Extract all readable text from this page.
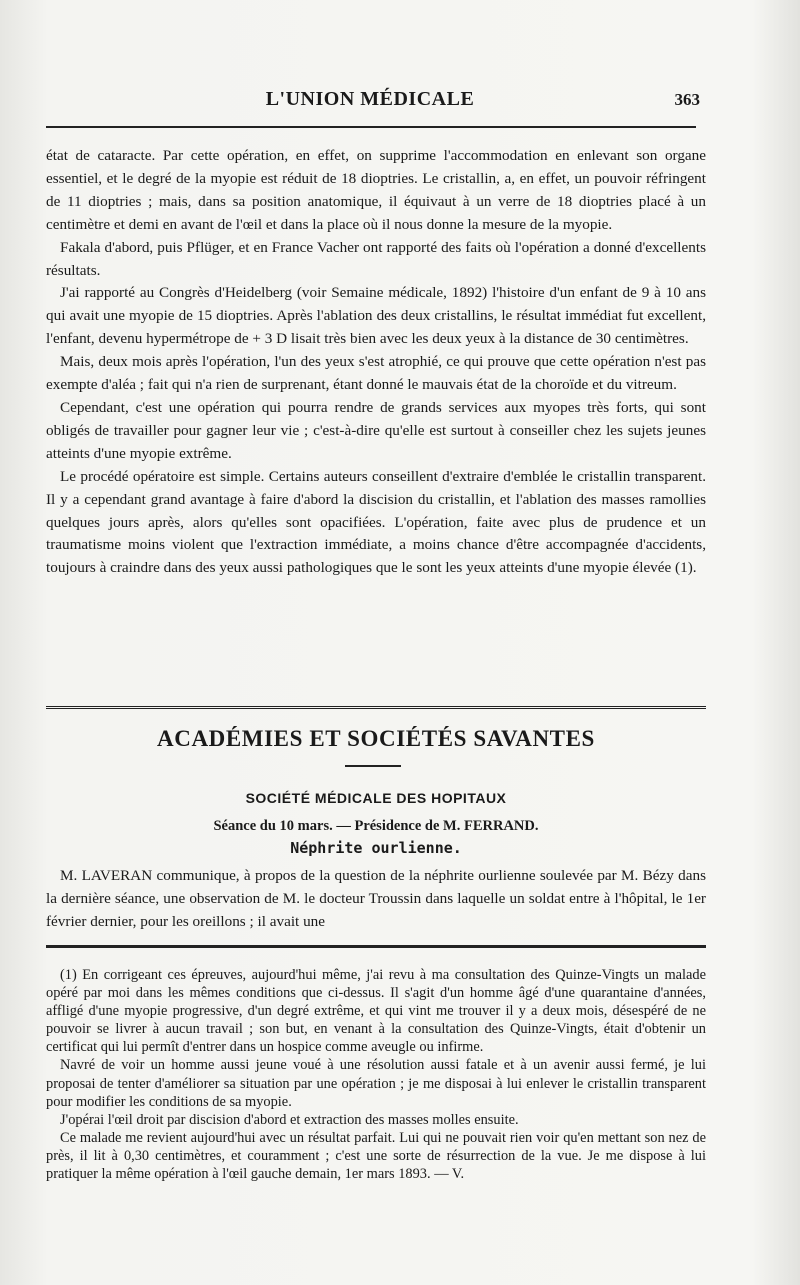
L'UNION MÉDICALE	363

état de cataracte. Par cette opération, en effet, on supprime l'accommodation en enlevant son organe essentiel, et le degré de la myopie est réduit de 18 dioptries. Le cristallin, a, en effet, un pouvoir réfringent de 11 dioptries ; mais, dans sa position anatomique, il équivaut à un verre de 18 dioptries placé à un centimètre et demi en avant de l'œil et dans la place où il nous donne la mesure de la myopie.

Fakala d'abord, puis Pflüger, et en France Vacher ont rapporté des faits où l'opération a donné d'excellents résultats.

J'ai rapporté au Congrès d'Heidelberg (voir Semaine médicale, 1892) l'histoire d'un enfant de 9 à 10 ans qui avait une myopie de 15 dioptries. Après l'ablation des deux cristallins, le résultat immédiat fut excellent, l'enfant, devenu hypermétrope de + 3 D lisait très bien avec les deux yeux à la distance de 30 centimètres.

Mais, deux mois après l'opération, l'un des yeux s'est atrophié, ce qui prouve que cette opération n'est pas exempte d'aléa ; fait qui n'a rien de surprenant, étant donné le mauvais état de la choroïde et du vitreum.

Cependant, c'est une opération qui pourra rendre de grands services aux myopes très forts, qui sont obligés de travailler pour gagner leur vie ; c'est-à-dire qu'elle est surtout à conseiller chez les sujets jeunes atteints d'une myopie extrême.

Le procédé opératoire est simple. Certains auteurs conseillent d'extraire d'emblée le cristallin transparent. Il y a cependant grand avantage à faire d'abord la discision du cristallin, et l'ablation des masses ramollies quelques jours après, alors qu'elles sont opacifiées. L'opération, faite avec plus de prudence et un traumatisme moins violent que l'extraction immédiate, a moins chance d'être accompagnée d'accidents, toujours à craindre dans des yeux aussi pathologiques que le sont les yeux atteints d'une myopie élevée (1).

ACADÉMIES ET SOCIÉTÉS SAVANTES
SOCIÉTÉ MÉDICALE DES HOPITAUX
Séance du 10 mars. — Présidence de M. FERRAND.
Néphrite ourlienne.

M. LAVERAN communique, à propos de la question de la néphrite ourlienne soulevée par M. Bézy dans la dernière séance, une observation de M. le docteur Troussin dans laquelle un soldat entre à l'hôpital, le 1er février dernier, pour les oreillons ; il avait une

(1) En corrigeant ces épreuves, aujourd'hui même, j'ai revu à ma consultation des Quinze-Vingts un malade opéré par moi dans les mêmes conditions que ci-dessus. Il s'agit d'un homme âgé d'une quarantaine d'années, affligé d'une myopie progressive, d'un degré extrême, et qui vint me trouver il y a deux mois, désespéré de ne pouvoir se livrer à aucun travail ; son but, en venant à la consultation des Quinze-Vingts, était d'obtenir un certificat qui lui permît d'entrer dans un hospice comme aveugle ou infirme.

Navré de voir un homme aussi jeune voué à une résolution aussi fatale et à un avenir aussi fermé, je lui proposai de tenter d'améliorer sa situation par une opération ; je me disposai à lui enlever le cristallin transparent pour modifier les conditions de sa myopie.

J'opérai l'œil droit par discision d'abord et extraction des masses molles ensuite.

Ce malade me revient aujourd'hui avec un résultat parfait. Lui qui ne pouvait rien voir qu'en mettant son nez de près, il lit à 0,30 centimètres, et couramment ; c'est une sorte de résurrection de la vue. Je me dispose à lui pratiquer la même opération à l'œil gauche demain, 1er mars 1893. — V.
